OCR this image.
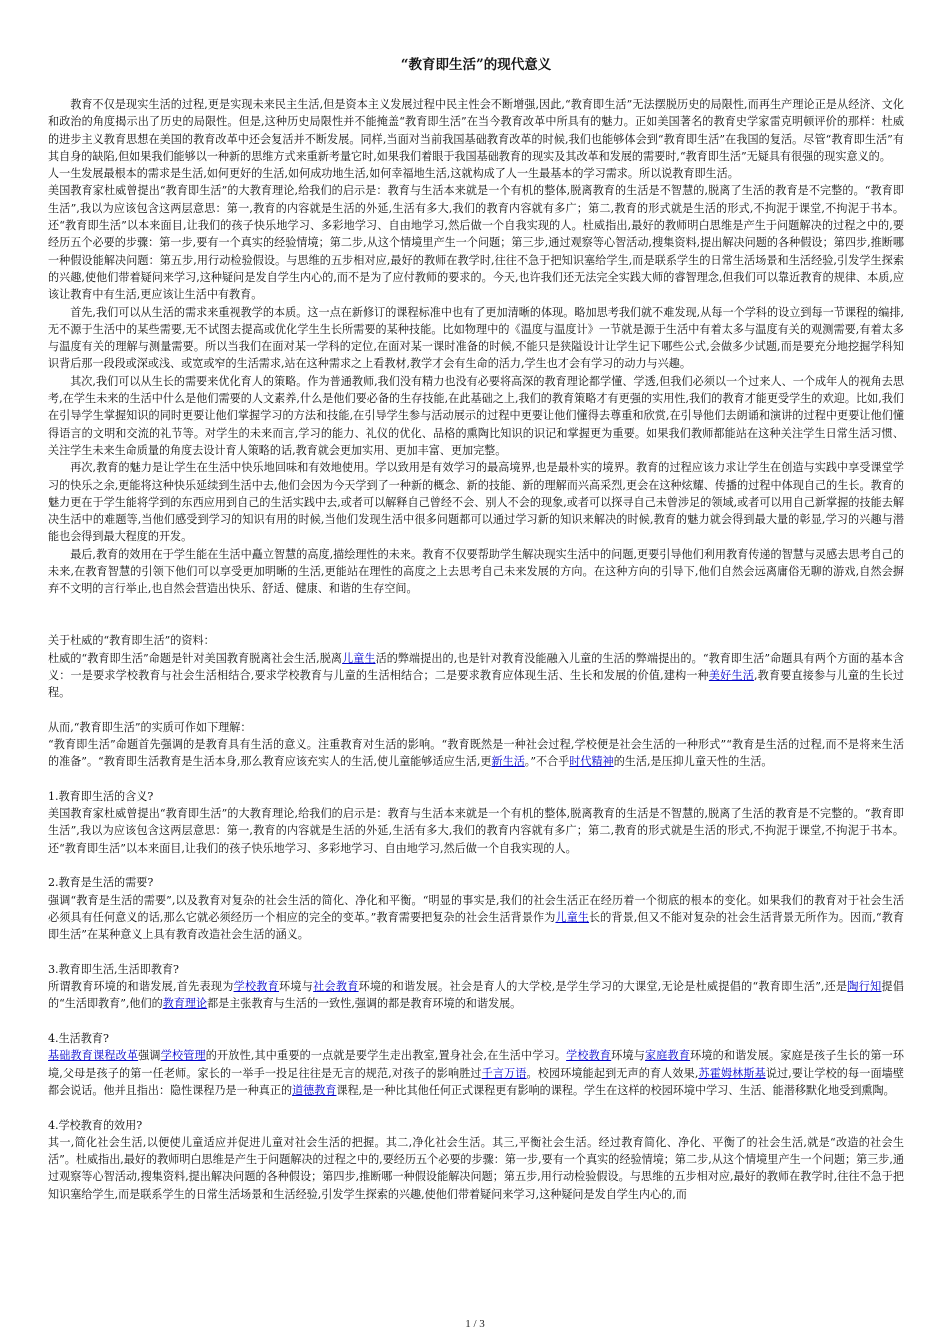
“教育即生活”的现代意义

教育不仅是现实生活的过程,更是实现未来民主生活,但是资本主义发展过程中民主性会不断增强,因此,“教育即生活”无法摆脱历史的局限性,而再生产理论正是从经济、文化和政治的角度揭示出了历史的局限性。但是,这种历史局限性并不能掩盖“教育即生活”在当今教育改革中所具有的魅力。正如美国著名的教育史学家雷克明顿评价的那样：杜威的进步主义教育思想在美国的教育改革中还会复活并不断发展。同样,当面对当前我国基础教育改革的时候,我们也能够体会到“教育即生活”在我国的复活。尽管“教育即生活”有其自身的缺陷,但如果我们能够以一种新的思维方式来重新考量它时,如果我们着眼于我国基础教育的现实及其改革和发展的需要时,“教育即生活”无疑具有很强的现实意义的。

人一生发展最根本的需求是生活,如何更好的生活,如何成功地生活,如何幸福地生活,这就构成了人一生最基本的学习需求。所以说教育即生活。

美国教育家杜威曾提出“教育即生活”的大教育理论,给我们的启示是：教育与生活本来就是一个有机的整体,脱离教育的生活是不智慧的,脱离了生活的教育是不完整的。“教育即生活”,我以为应该包含这两层意思：第一,教育的内容就是生活的外延,生活有多大,我们的教育内容就有多广；第二,教育的形式就是生活的形式,不拘泥于课堂,不拘泥于书本。还“教育即生活”以本来面目,让我们的孩子快乐地学习、多彩地学习、自由地学习,然后做一个自我实现的人。杜威指出,最好的教师明白思维是产生于问题解决的过程之中的,要经历五个必要的步骤：第一步,要有一个真实的经验情境；第二步,从这个情境里产生一个问题；第三步,通过观察等心智活动,搜集资料,提出解决问题的各种假设；第四步,推断哪一种假设能解决问题：第五步,用行动检验假设。与思维的五步相对应,最好的教师在教学时,往往不急于把知识塞给学生,而是联系学生的日常生活场景和生活经验,引发学生探索的兴趣,使他们带着疑问来学习,这种疑问是发自学生内心的,而不是为了应付教师的要求的。今天,也许我们还无法完全实践大师的睿智理念,但我们可以靠近教育的规律、本质,应该让教育中有生活,更应该让生活中有教育。

首先,我们可以从生活的需求来重视教学的本质。这一点在新修订的课程标准中也有了更加清晰的体现。略加思考我们就不难发现,从每一个学科的设立到每一节课程的编排,无不源于生活中的某些需要,无不试图去提高或优化学生生长所需要的某种技能。比如物理中的《温度与温度计》一节就是源于生活中有着太多与温度有关的观测需要,有着太多与温度有关的理解与测量需要。所以当我们在面对某一学科的定位,在面对某一课时准备的时候,不能只是狭隘设计让学生记下哪些公式,会做多少试题,而是要充分地挖掘学科知识背后那一段段或深或浅、或宽或窄的生活需求,站在这种需求之上看教材,教学才会有生命的活力,学生也才会有学习的动力与兴趣。

其次,我们可以从生长的需要来优化育人的策略。作为普通教师,我们没有精力也没有必要将高深的教育理论都学懂、学透,但我们必须以一个过来人、一个成年人的视角去思考,在学生未来的生活中什么是他们需要的人文素养,什么是他们要必备的生存技能,在此基础之上,我们的教育策略才有更强的实用性,我们的教育才能更受学生的欢迎。比如,我们在引导学生掌握知识的同时更要让他们掌握学习的方法和技能,在引导学生参与活动展示的过程中更要让他们懂得去尊重和欣赏,在引导他们去朗诵和演讲的过程中更要让他们懂得语言的文明和交流的礼节等。对学生的未来而言,学习的能力、礼仪的优化、品格的熏陶比知识的识记和掌握更为重要。如果我们教师都能站在这种关注学生日常生活习惯、关注学生未来生命质量的角度去设计育人策略的话,教育就会更加实用、更加丰富、更加完整。

再次,教育的魅力是让学生在生活中快乐地回味和有效地使用。学以致用是有效学习的最高境界,也是最朴实的境界。教育的过程应该力求让学生在创造与实践中享受课堂学习的快乐之余,更能将这种快乐延续到生活中去,他们会因为今天学到了一种新的概念、新的技能、新的理解而兴高采烈,更会在这种炫耀、传播的过程中体现自己的生长。教育的魅力更在于学生能将学到的东西应用到自己的生活实践中去,或者可以解释自己曾经不会、别人不会的现象,或者可以探寻自己未曾涉足的领域,或者可以用自己新掌握的技能去解决生活中的难题等,当他们感受到学习的知识有用的时候,当他们发现生活中很多问题都可以通过学习新的知识来解决的时候,教育的魅力就会得到最大量的彰显,学习的兴趣与潜能也会得到最大程度的开发。

最后,教育的效用在于学生能在生活中矗立智慧的高度,描绘理性的未来。教育不仅要帮助学生解决现实生活中的问题,更要引导他们利用教育传递的智慧与灵感去思考自己的未来,在教育智慧的引领下他们可以享受更加明晰的生活,更能站在理性的高度之上去思考自己未来发展的方向。在这种方向的引导下,他们自然会远离庸俗无聊的游戏,自然会摒弃不文明的言行举止,也自然会营造出快乐、舒适、健康、和谐的生存空间。

关于杜威的“教育即生活”的资料：

杜威的“教育即生活”命题是针对美国教育脱离社会生活,脱离儿童生活的弊端提出的,也是针对教育没能融入儿童的生活的弊端提出的。“教育即生活”命题具有两个方面的基本含义：一是要求学校教育与社会生活相结合,要求学校教育与儿童的生活相结合；二是要求教育应体现生活、生长和发展的价值,建构一种美好生活,教育要直接参与儿童的生长过程。

从而,“教育即生活”的实质可作如下理解：

“教育即生活”命题首先强调的是教育具有生活的意义。注重教育对生活的影响。“教育既然是一种社会过程,学校便是社会生活的一种形式”“教育是生活的过程,而不是将来生活的准备”。“教育即生活教育是生活本身,那么教育应该充实人的生活,使儿童能够适应生活,更新生活。”不合乎时代精神的生活,是压抑儿童天性的生活。

1.教育即生活的含义?

美国教育家杜威曾提出“教育即生活”的大教育理论,给我们的启示是：教育与生活本来就是一个有机的整体,脱离教育的生活是不智慧的,脱离了生活的教育是不完整的。“教育即生活”,我以为应该包含这两层意思：第一,教育的内容就是生活的外延,生活有多大,我们的教育内容就有多广；第二,教育的形式就是生活的形式,不拘泥于课堂,不拘泥于书本。还“教育即生活”以本来面目,让我们的孩子快乐地学习、多彩地学习、自由地学习,然后做一个自我实现的人。

2.教育是生活的需要?

强调“教育是生活的需要”,以及教育对复杂的社会生活的简化、净化和平衡。“明显的事实是,我们的社会生活正在经历着一个彻底的根本的变化。如果我们的教育对于社会生活必须具有任何意义的话,那么它就必须经历一个相应的完全的变革。”教育需要把复杂的社会生活背景作为儿童生长的背景,但又不能对复杂的社会生活背景无所作为。因而,“教育即生活”在某种意义上具有教育改造社会生活的涵义。

3.教育即生活,生活即教育?

所谓教育环境的和谐发展,首先表现为学校教育环境与社会教育环境的和谐发展。社会是育人的大学校,是学生学习的大课堂,无论是杜威提倡的“教育即生活”,还是陶行知提倡的“生活即教育”,他们的教育理论都是主张教育与生活的一致性,强调的都是教育环境的和谐发展。

4.生活教育?

基础教育课程改革强调学校管理的开放性,其中重要的一点就是要学生走出教室,置身社会,在生活中学习。学校教育环境与家庭教育环境的和谐发展。家庭是孩子生长的第一环境,父母是孩子的第一任老师。家长的一举手一投足往往是无言的规范,对孩子的影响胜过千言万语。校园环境能起到无声的育人效果,苏霍姆林斯基说过,要让学校的每一面墙壁都会说话。他并且指出：隐性课程乃是一种真正的道德教育课程,是一种比其他任何正式课程更有影响的课程。学生在这样的校园环境中学习、生活、能潜移默化地受到熏陶。

4.学校教育的效用?

其一,简化社会生活,以便使儿童适应并促进儿童对社会生活的把握。其二,净化社会生活。其三,平衡社会生活。经过教育简化、净化、平衡了的社会生活,就是“改造的社会生活”。杜威指出,最好的教师明白思维是产生于问题解决的过程之中的,要经历五个必要的步骤：第一步,要有一个真实的经验情境；第二步,从这个情境里产生一个问题；第三步,通过观察等心智活动,搜集资料,提出解决问题的各种假设；第四步,推断哪一种假设能解决问题；第五步,用行动检验假设。与思维的五步相对应,最好的教师在教学时,往往不急于把知识塞给学生,而是联系学生的日常生活场景和生活经验,引发学生探索的兴趣,使他们带着疑问来学习,这种疑问是发自学生内心的,而

1 / 3
